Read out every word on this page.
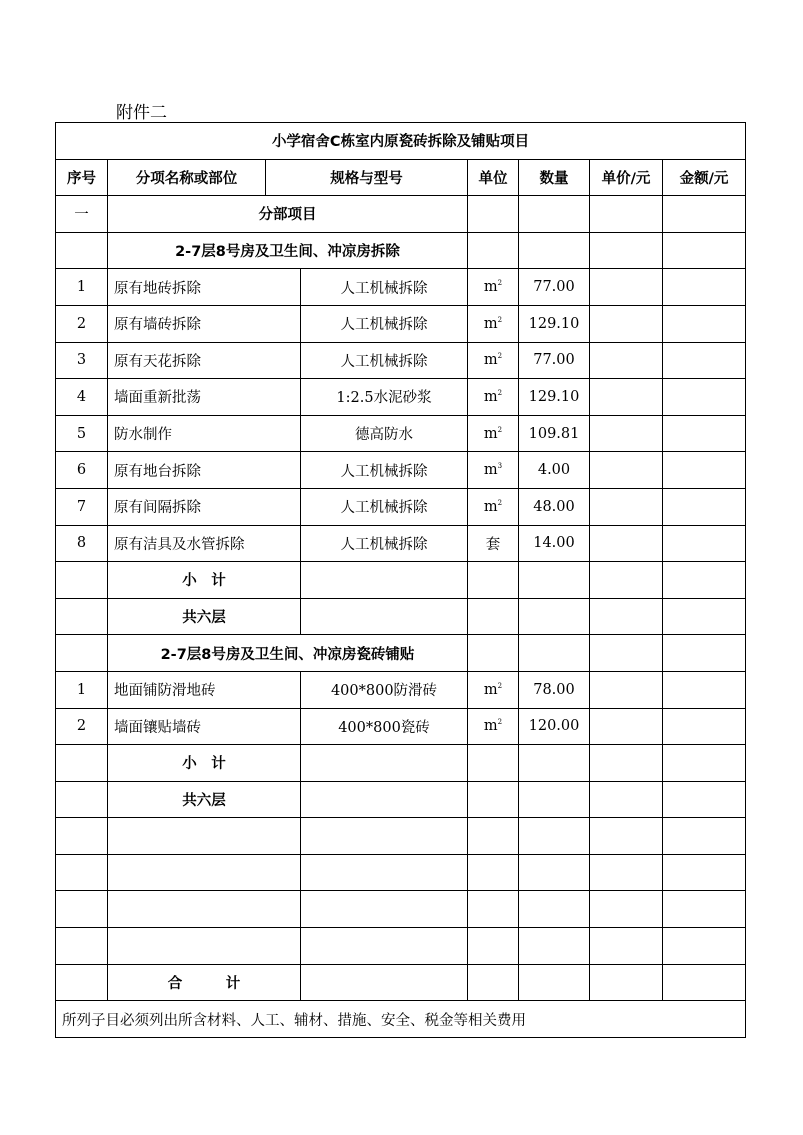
附件二
小学宿舍C栋室内原瓷砖拆除及铺贴项目							
序号	分项名称或部位	规格与型号		单位	数量	单价/元	金额/元
一	分部项目						
	2-7层8号房及卫生间、冲凉房拆除						
1	原有地砖拆除		人工机械拆除	$m^2$	77.00		
2	原有墙砖拆除		人工机械拆除	$m^2$	129.10		
3	原有天花拆除		人工机械拆除	$m^2$	77.00		
4	墙面重新批荡		1:2.5水泥砂浆	$m^2$	129.10		
5	防水制作		德高防水	$m^2$	109.81		
6	原有地台拆除		人工机械拆除	$m^3$	4.00		
7	原有间隔拆除		人工机械拆除	$m^2$	48.00		
8	原有洁具及水管拆除		人工机械拆除	套	14.00		
	小　计						
	共六层						
	2-7层8号房及卫生间、冲凉房瓷砖铺贴						
1	地面铺防滑地砖		400*800防滑砖	$m^2$	78.00		
2	墙面镶贴墙砖		400*800瓷砖	$m^2$	120.00		
	小　计						
	共六层						

	合　　　计						
所列子目必须列出所含材料、人工、辅材、措施、安全、税金等相关费用							
